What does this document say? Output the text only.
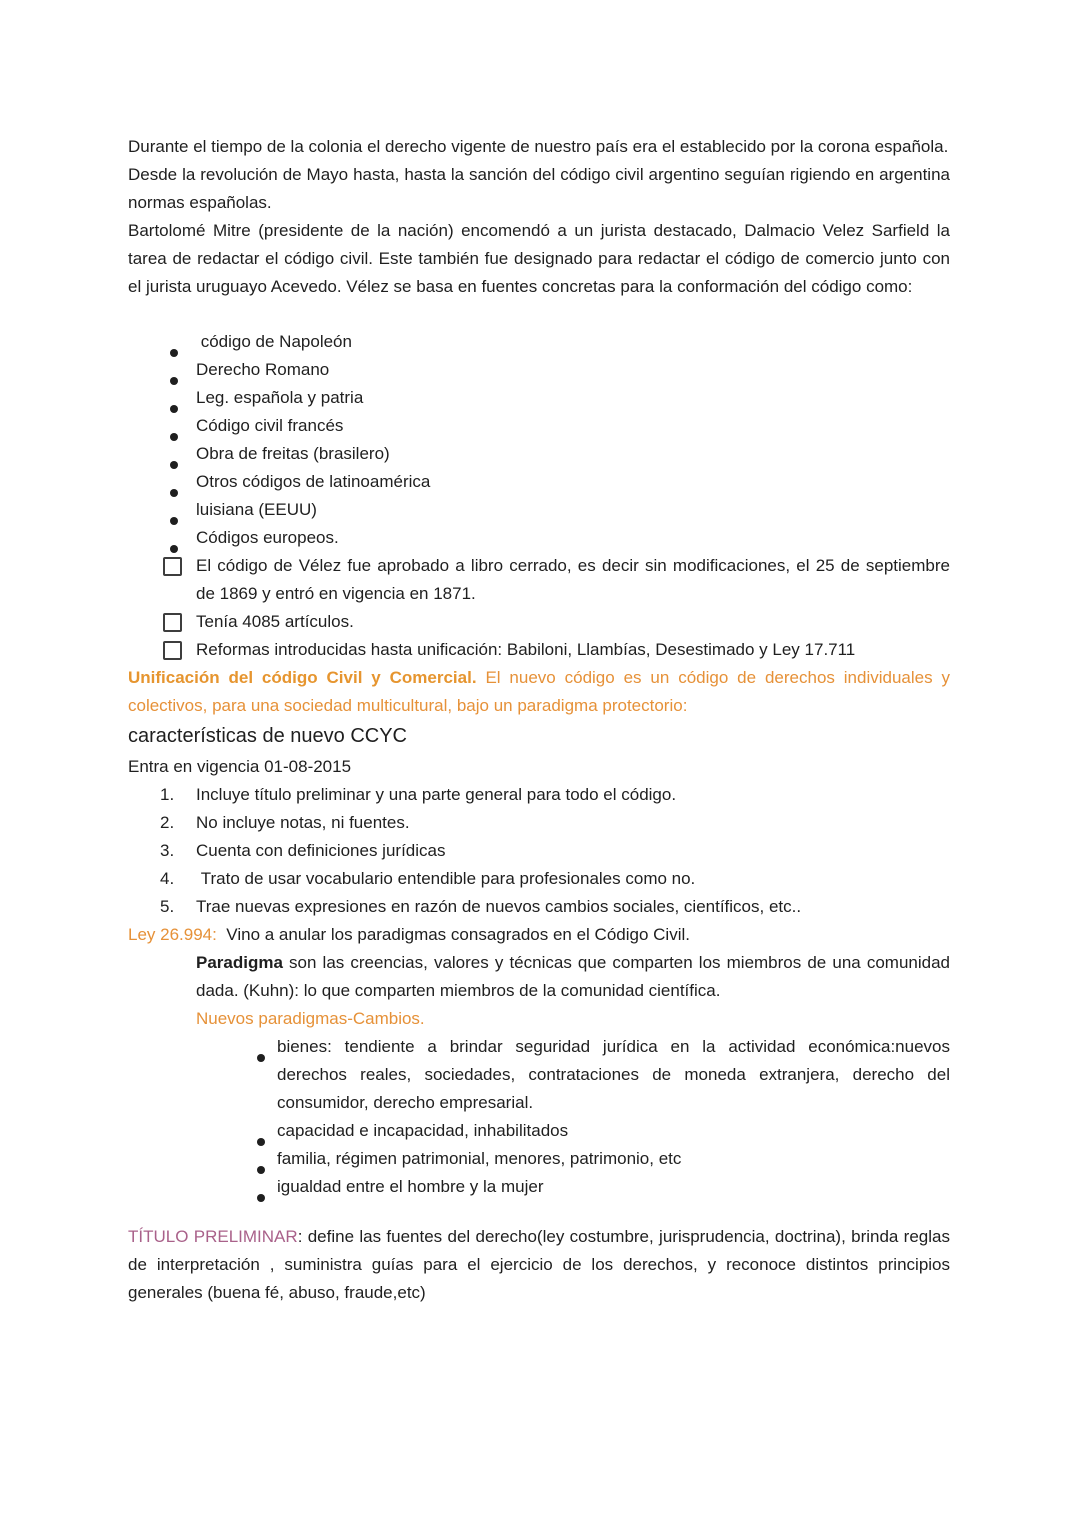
Durante el tiempo de la colonia el derecho vigente de nuestro país era el establecido por la corona española.

Desde la revolución de Mayo hasta, hasta la sanción del código civil argentino seguían rigiendo en argentina normas españolas.

Bartolomé Mitre (presidente de la nación) encomendó a un jurista destacado, Dalmacio Velez Sarfield la tarea de redactar el código civil. Este también fue designado para redactar el código de comercio junto con el jurista uruguayo Acevedo. Vélez se basa en fuentes concretas para la conformación del código como:

código de Napoleón
Derecho Romano
Leg. española y patria
Código civil francés
Obra de freitas (brasilero)
Otros códigos de latinoamérica
luisiana (EEUU)
Códigos europeos.
El código de Vélez fue aprobado a libro cerrado, es decir sin modificaciones, el 25 de septiembre de 1869 y entró en vigencia en 1871.
Tenía 4085 artículos.
Reformas introducidas hasta unificación: Babiloni, Llambías, Desestimado y Ley 17.711

Unificación del código Civil y Comercial. El nuevo código es un código de derechos individuales y colectivos, para una sociedad multicultural, bajo un paradigma protectorio:

características de nuevo CCYC
Entra en vigencia 01-08-2015
1. Incluye título preliminar y una parte general para todo el código.
2. No incluye notas, ni fuentes.
3. Cuenta con definiciones jurídicas
4. Trato de usar vocabulario entendible para profesionales como no.
5. Trae nuevas expresiones en razón de nuevos cambios sociales, científicos, etc..
Ley 26.994:  Vino a anular los paradigmas consagrados en el Código Civil.

Paradigma son las creencias, valores y técnicas que comparten los miembros de una comunidad dada. (Kuhn): lo que comparten miembros de la comunidad científica.

Nuevos paradigmas-Cambios.
bienes: tendiente a brindar seguridad jurídica en la actividad económica:nuevos derechos reales, sociedades, contrataciones de moneda extranjera, derecho del consumidor, derecho empresarial.
capacidad e incapacidad, inhabilitados
familia, régimen patrimonial, menores, patrimonio, etc
igualdad entre el hombre y la mujer

TÍTULO PRELIMINAR: define las fuentes del derecho(ley costumbre, jurisprudencia, doctrina), brinda reglas de interpretación , suministra guías para el ejercicio de los derechos, y reconoce distintos principios generales (buena fé, abuso, fraude,etc)
